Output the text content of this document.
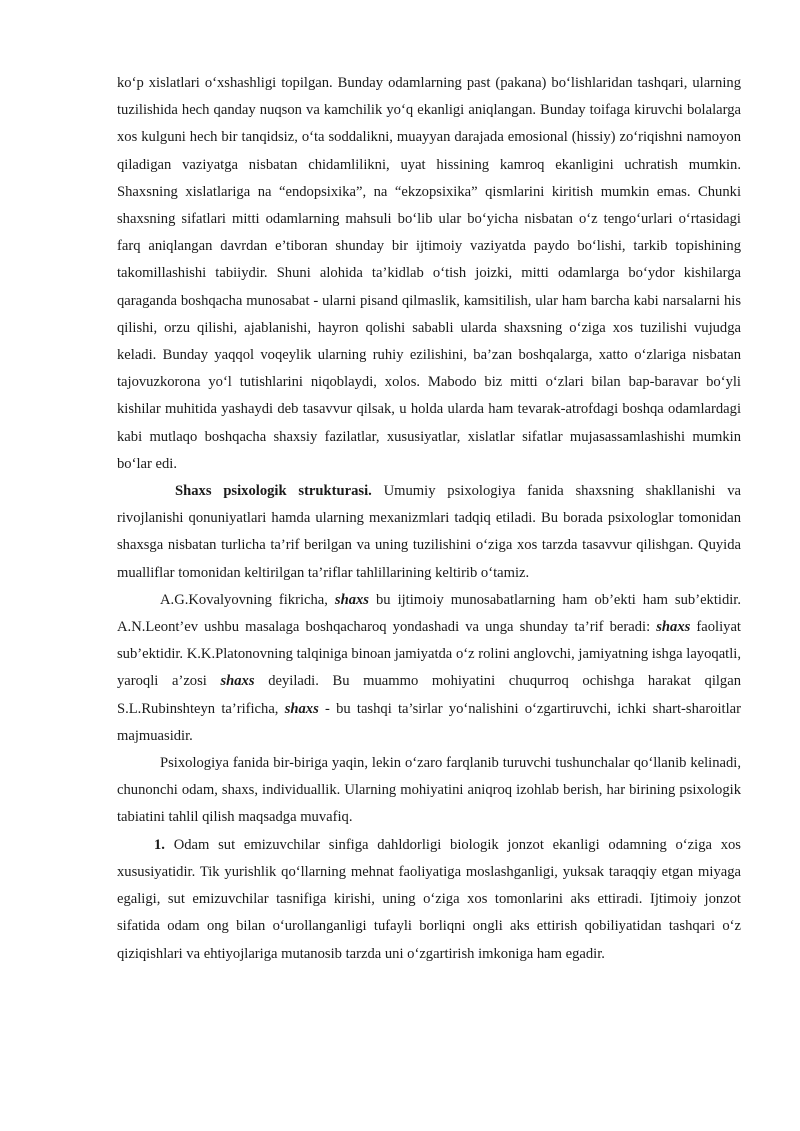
koʻp xislatlari oʻxshashligi topilgan. Bunday odamlarning past (pakana) boʻlishlaridan tashqari, ularning tuzilishida hech qanday nuqson va kamchilik yoʻq ekanligi aniqlangan. Bunday toifaga kiruvchi bolalarga xos kulguni hech bir tanqidsiz, oʻta soddalikni, muayyan darajada emosional (hissiy) zoʻriqishni namoyon qiladigan vaziyatga nisbatan chidamlilikni, uyat hissining kamroq ekanligini uchratish mumkin. Shaxsning xislatlariga na “endopsixika”, na “ekzopsixika” qismlarini kiritish mumkin emas. Chunki shaxsning sifatlari mitti odamlarning mahsuli boʻlib ular boʻyicha nisbatan oʻz tengoʻurlari oʻrtasidagi farq aniqlangan davrdan e’tiboran shunday bir ijtimoiy vaziyatda paydo boʻlishi, tarkib topishining takomillashishi tabiiydir. Shuni alohida ta’kidlab oʻtish joizki, mitti odamlarga boʻydor kishilarga qaraganda boshqacha munosabat - ularni pisand qilmaslik, kamsitilish, ular ham barcha kabi narsalarni his qilishi, orzu qilishi, ajablanishi, hayron qolishi sababli ularda shaxsning oʻziga xos tuzilishi vujudga keladi. Bunday yaqqol voqeylik ularning ruhiy ezilishini, ba’zan boshqalarga, xatto oʻzlariga nisbatan tajovuzkorona yoʻl tutishlarini niqoblaydi, xolos. Mabodo biz mitti oʻzlari bilan bap-baravar boʻyli kishilar muhitida yashaydi deb tasavvur qilsak, u holda ularda ham tevarak-atrofdagi boshqa odamlardagi kabi mutlaqo boshqacha shaxsiy fazilatlar, xususiyatlar, xislatlar sifatlar mujasassamlashishi mumkin boʻlar edi.

Shaxs psixologik strukturasi. Umumiy psixologiya fanida shaxsning shakllanishi va rivojlanishi qonuniyatlari hamda ularning mexanizmlari tadqiq etiladi. Bu borada psixologlar tomonidan shaxsga nisbatan turlicha ta’rif berilgan va uning tuzilishini oʻziga xos tarzda tasavvur qilishgan. Quyida mualliflar tomonidan keltirilgan ta’riflar tahlillarining keltirib oʻtamiz.

A.G.Kovalyovning fikricha, shaxs bu ijtimoiy munosabatlarning ham ob’ekti ham sub’ektidir. A.N.Leont’ev ushbu masalaga boshqacharoq yondashadi va unga shunday ta’rif beradi: shaxs faoliyat sub’ektidir. K.K.Platonovning talqiniga binoan jamiyatda oʻz rolini anglovchi, jamiyatning ishga layoqatli, yaroqli a’zosi shaxs deyiladi. Bu muammo mohiyatini chuqurroq ochishga harakat qilgan S.L.Rubinshteyn ta’rificha, shaxs - bu tashqi ta’sirlar yoʻnalishini oʻzgartiruvchi, ichki shart-sharoitlar majmuasidir.

Psixologiya fanida bir-biriga yaqin, lekin oʻzaro farqlanib turuvchi tushunchalar qoʻllanib kelinadi, chunonchi odam, shaxs, individuallik. Ularning mohiyatini aniqroq izohlab berish, har birining psixologik tabiatini tahlil qilish maqsadga muvafiq.

1. Odam sut emizuvchilar sinfiga dahldorligi biologik jonzot ekanligi odamning oʻziga xos xususiyatidir. Tik yurishlik qoʻllarning mehnat faoliyatiga moslashganligi, yuksak taraqqiy etgan miyaga egaligi, sut emizuvchilar tasnifiga kirishi, uning oʻziga xos tomonlarini aks ettiradi. Ijtimoiy jonzot sifatida odam ong bilan oʻurollanganligi tufayli borliqni ongli aks ettirish qobiliyatidan tashqari oʻz qiziqishlari va ehtiyojlariga mutanosib tarzda uni oʻzgartirish imkoniga ham egadir.
